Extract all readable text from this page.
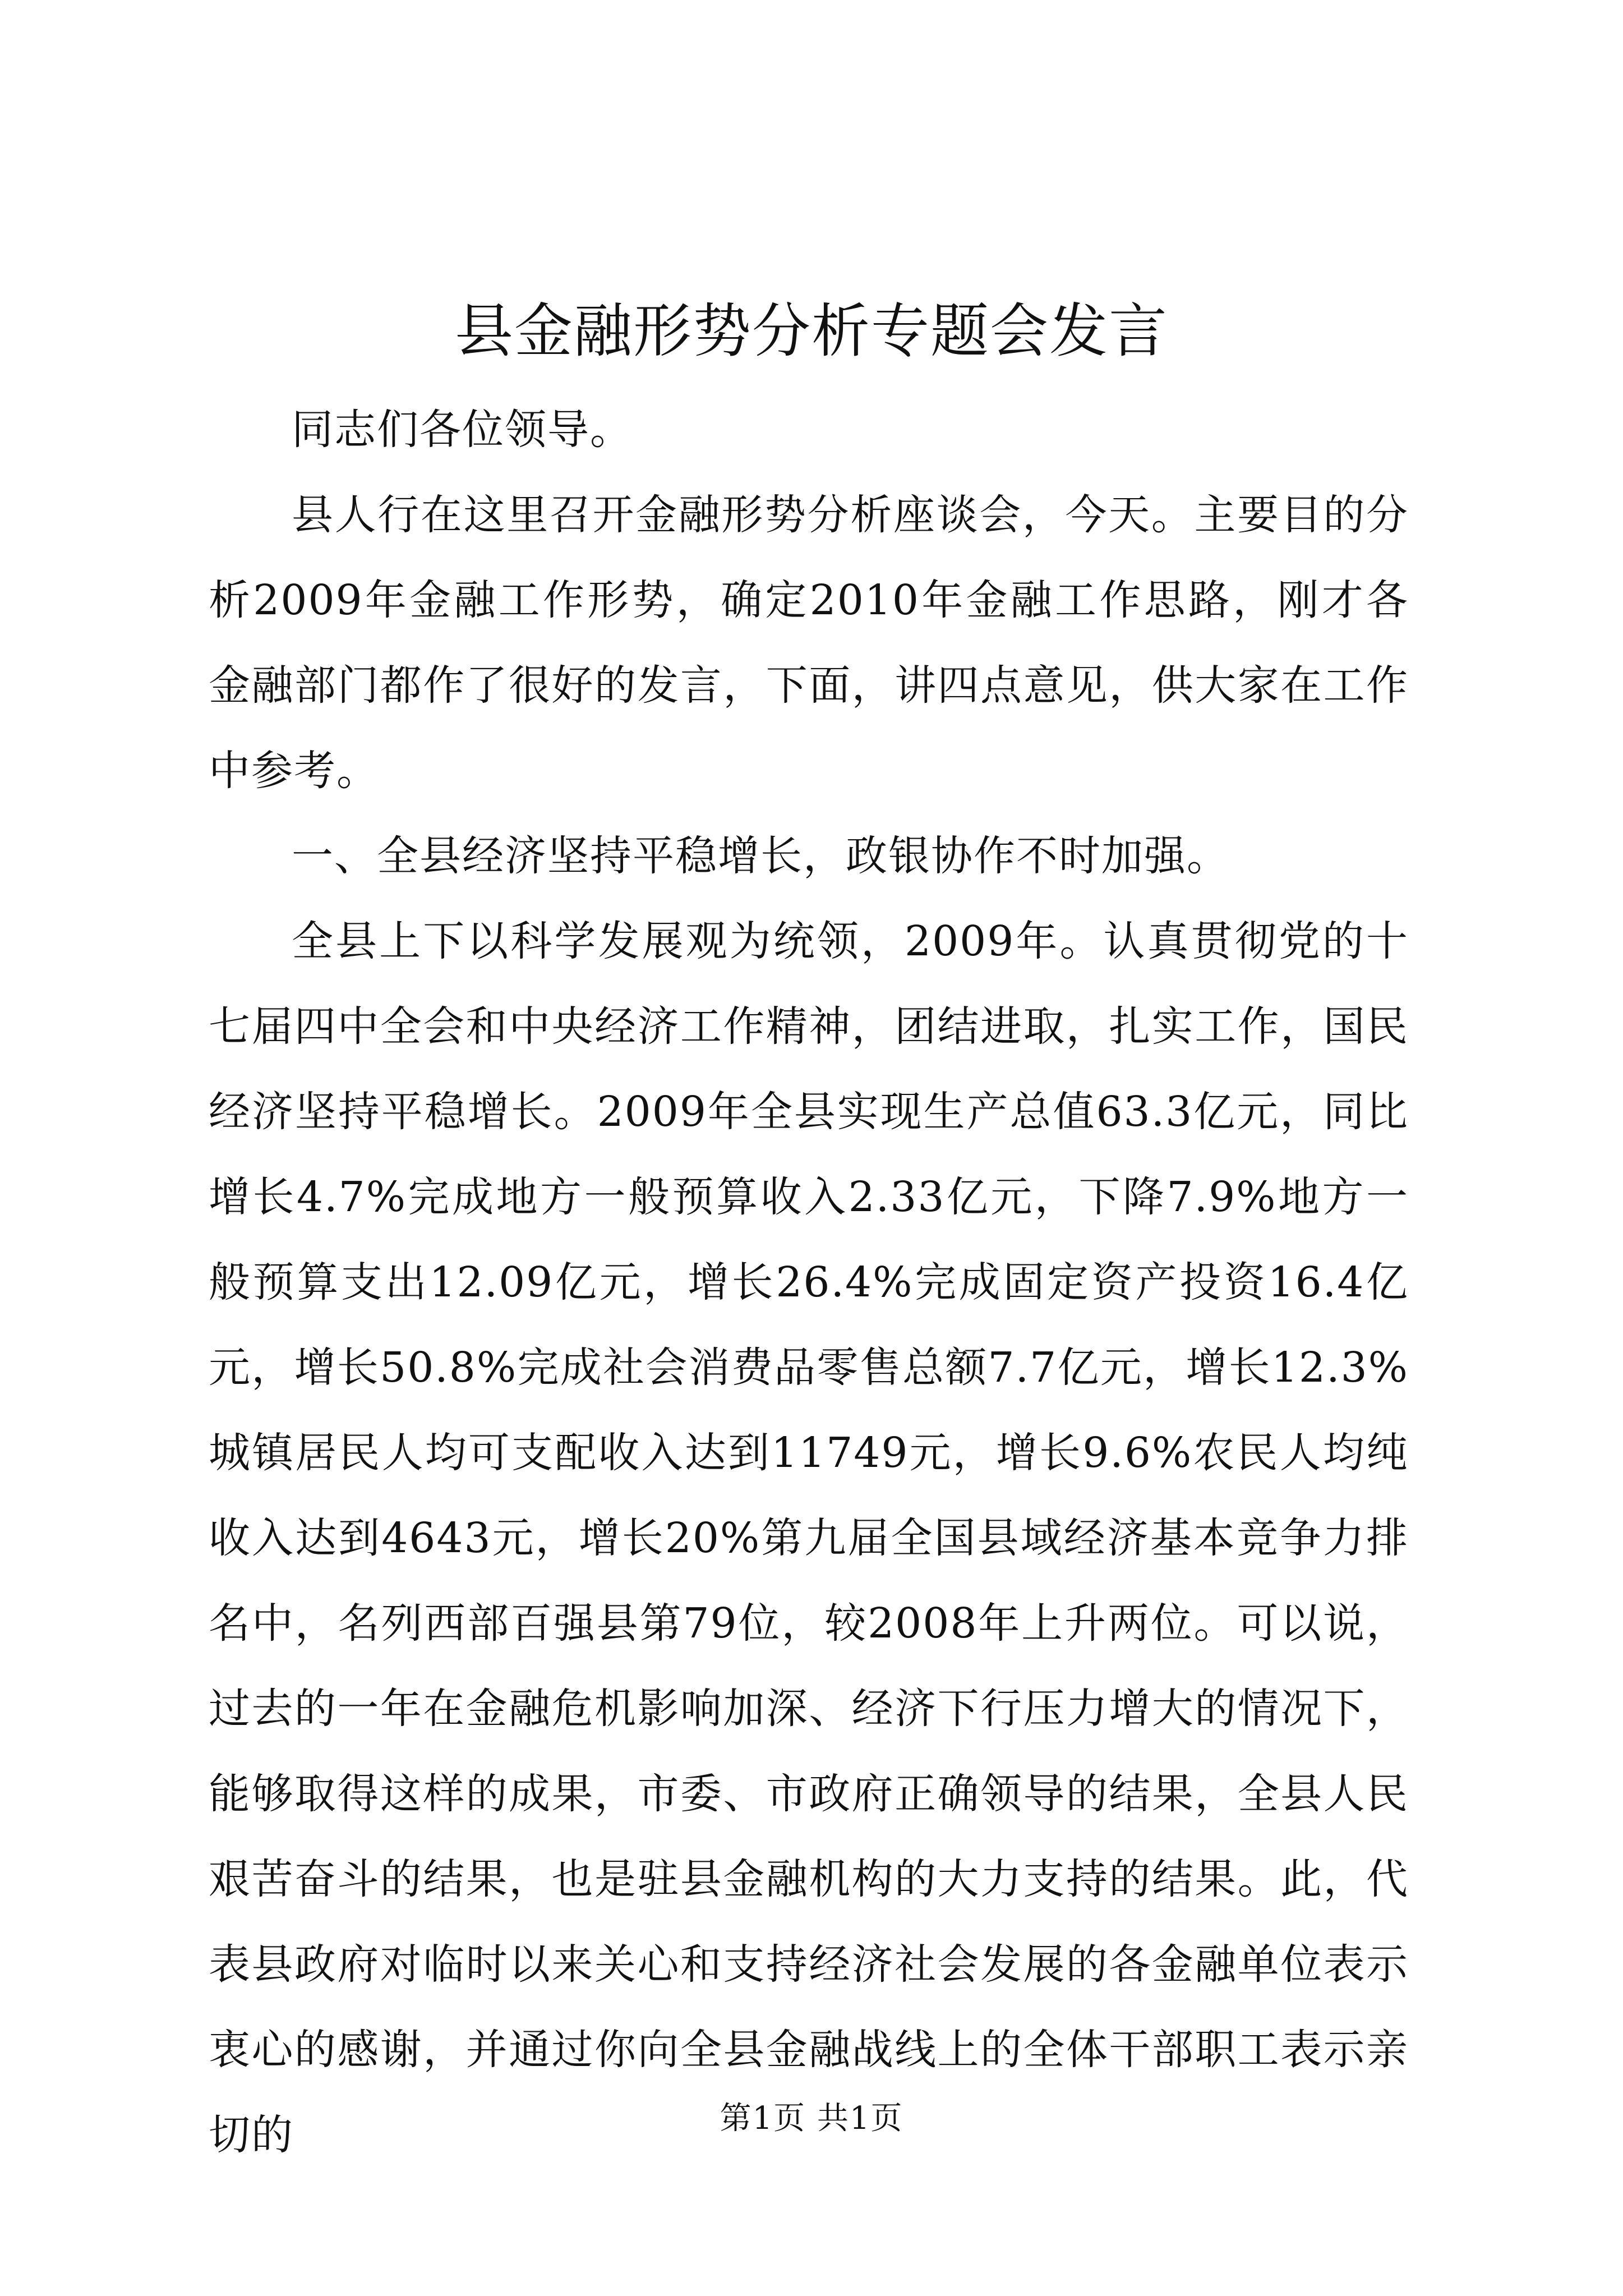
县金融形势分析专题会发言

同志们各位领导。

县人行在这里召开金融形势分析座谈会，今天。主要目的分析2009年金融工作形势，确定2010年金融工作思路，刚才各金融部门都作了很好的发言，下面，讲四点意见，供大家在工作中参考。

一、全县经济坚持平稳增长，政银协作不时加强。

全县上下以科学发展观为统领，2009年。认真贯彻党的十七届四中全会和中央经济工作精神，团结进取，扎实工作，国民经济坚持平稳增长。2009年全县实现生产总值63.3亿元，同比增长4.7%完成地方一般预算收入2.33亿元，下降7.9%地方一般预算支出12.09亿元，增长26.4%完成固定资产投资16.4亿元，增长50.8%完成社会消费品零售总额7.7亿元，增长12.3%城镇居民人均可支配收入达到11749元，增长9.6%农民人均纯收入达到4643元，增长20%第九届全国县域经济基本竞争力排名中，名列西部百强县第79位，较2008年上升两位。可以说，过去的一年在金融危机影响加深、经济下行压力增大的情况下，能够取得这样的成果，市委、市政府正确领导的结果，全县人民艰苦奋斗的结果，也是驻县金融机构的大力支持的结果。此，代表县政府对临时以来关心和支持经济社会发展的各金融单位表示衷心的感谢，并通过你向全县金融战线上的全体干部职工表示亲切的	第1页 共1页
